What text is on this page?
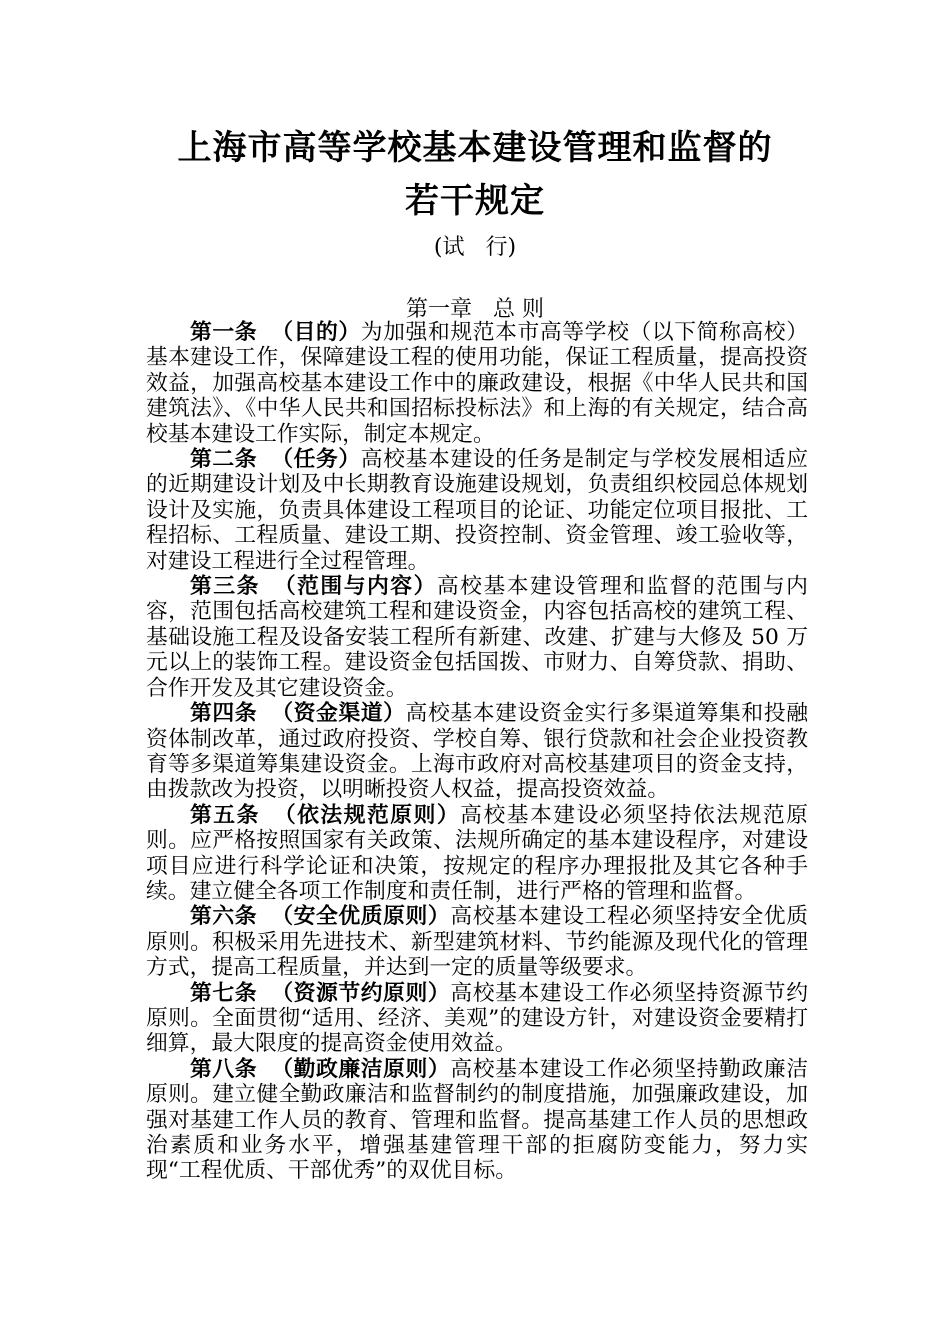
上海市高等学校基本建设管理和监督的
若干规定
(试   行)
第一章   总 则

第一条 （目的）为加强和规范本市高等学校（以下简称高校）基本建设工作，保障建设工程的使用功能，保证工程质量，提高投资效益，加强高校基本建设工作中的廉政建设，根据《中华人民共和国建筑法》、《中华人民共和国招标投标法》和上海的有关规定，结合高校基本建设工作实际，制定本规定。

第二条 （任务）高校基本建设的任务是制定与学校发展相适应的近期建设计划及中长期教育设施建设规划，负责组织校园总体规划设计及实施，负责具体建设工程项目的论证、功能定位项目报批、工程招标、工程质量、建设工期、投资控制、资金管理、竣工验收等，对建设工程进行全过程管理。

第三条 （范围与内容）高校基本建设管理和监督的范围与内容，范围包括高校建筑工程和建设资金，内容包括高校的建筑工程、基础设施工程及设备安装工程所有新建、改建、扩建与大修及 50 万元以上的装饰工程。建设资金包括国拨、市财力、自筹贷款、捐助、合作开发及其它建设资金。

第四条 （资金渠道）高校基本建设资金实行多渠道筹集和投融资体制改革，通过政府投资、学校自筹、银行贷款和社会企业投资教育等多渠道筹集建设资金。上海市政府对高校基建项目的资金支持，由拨款改为投资，以明晰投资人权益，提高投资效益。

第五条 （依法规范原则）高校基本建设必须坚持依法规范原则。应严格按照国家有关政策、法规所确定的基本建设程序，对建设项目应进行科学论证和决策，按规定的程序办理报批及其它各种手续。建立健全各项工作制度和责任制，进行严格的管理和监督。

第六条 （安全优质原则）高校基本建设工程必须坚持安全优质原则。积极采用先进技术、新型建筑材料、节约能源及现代化的管理方式，提高工程质量，并达到一定的质量等级要求。

第七条 （资源节约原则）高校基本建设工作必须坚持资源节约原则。全面贯彻“适用、经济、美观”的建设方针，对建设资金要精打细算，最大限度的提高资金使用效益。

第八条 （勤政廉洁原则）高校基本建设工作必须坚持勤政廉洁原则。建立健全勤政廉洁和监督制约的制度措施，加强廉政建设，加强对基建工作人员的教育、管理和监督。提高基建工作人员的思想政治素质和业务水平，增强基建管理干部的拒腐防变能力，努力实现“工程优质、干部优秀”的双优目标。
